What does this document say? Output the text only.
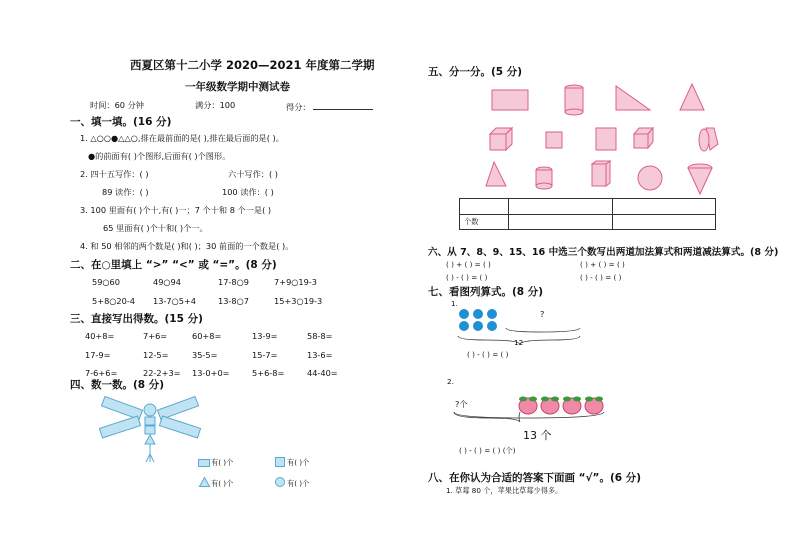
西夏区第十二小学 2020—2021 年度第二学期
一年级数学期中测试卷
时间：60 分钟	满分：100	得分：
一、填一填。(16 分)
1. △○○●△△○,排在最前面的是( ),排在最后面的是( )。
●的前面有( )个图形,后面有( )个图形。
2. 四十五写作：( )	六十写作：( )
89 读作：( )	100 读作：( )
3. 100 里面有( )个十,有( )一；7 个十和 8 个一是( )
65 里面有( )个十和( )个一。
4. 和 50 相邻的两个数是( )和( )；30 前面的一个数是( )。
二、在○里填上 “>” “<” 或 “=”。(8 分)
59○60	49○94	17-8○9	7+9○19-3
5+8○20-4 13-7○5+4	13-8○7	15+3○19-3
三、直接写出得数。(15 分)
40+8=	7+6=	60+8=	13-9=	58-8=
17-9=	12-5=	35-5=	15-7=	13-6=
7-6+6=	22-2+3= 13-0+0=	5+6-8=	44-40=
四、数一数。(8 分)
有( )个	有( )个
有( )个	有( )个
五、分一分。(5 分)
个数
六、从 7、8、9、15、16 中选三个数写出两道加法算式和两道减法算式。(8 分)
( ) + ( ) = ( )	( ) + ( ) = ( )
( ) - ( ) = ( )	( ) - ( ) = ( )
七、看图列算式。(8 分)
1.
?
12
( ) - ( ) = ( )
2.
?个
13 个
( ) - ( ) = ( ) (个)
八、在你认为合适的答案下面画 “√”。(6 分)
1. 草莓 80 个，苹果比草莓少得多。
